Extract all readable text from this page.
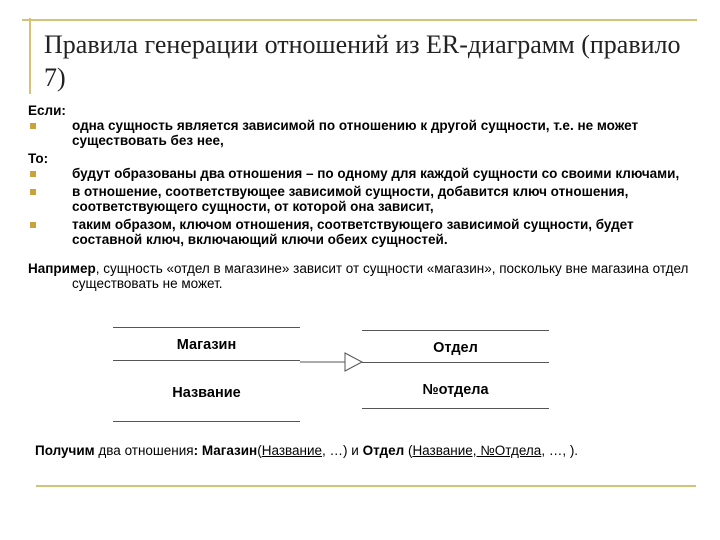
Правила генерации отношений из ER-диаграмм (правило 7)

Если:

одна сущность является зависимой по отношению к другой сущности, т.е. не может существовать без нее,

То:

будут образованы два отношения – по одному для каждой сущности со своими ключами,

в отношение, соответствующее зависимой сущности, добавится ключ отношения, соответствующего сущности, от которой она зависит,

таким образом, ключом отношения, соответствующего зависимой сущности, будет составной ключ, включающий ключи обеих сущностей.

Например, сущность «отдел в магазине» зависит от сущности «магазин», поскольку вне магазина отдел существовать не может.

Магазин
Название
Отдел
№отдела
Получим два отношения: Магазин(Название, …) и Отдел (Название, №Отдела, …, ).
